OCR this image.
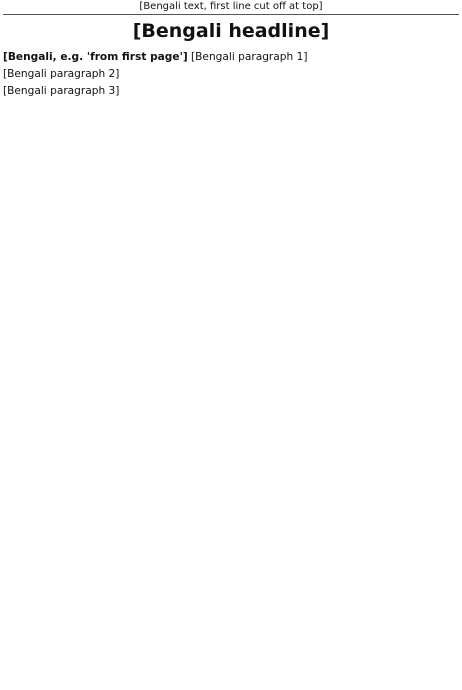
[Bengali text, first line cut off at top]
[Bengali headline]

[Bengali, e.g. 'from first page'] [Bengali paragraph 1]

[Bengali paragraph 2]

[Bengali paragraph 3]
